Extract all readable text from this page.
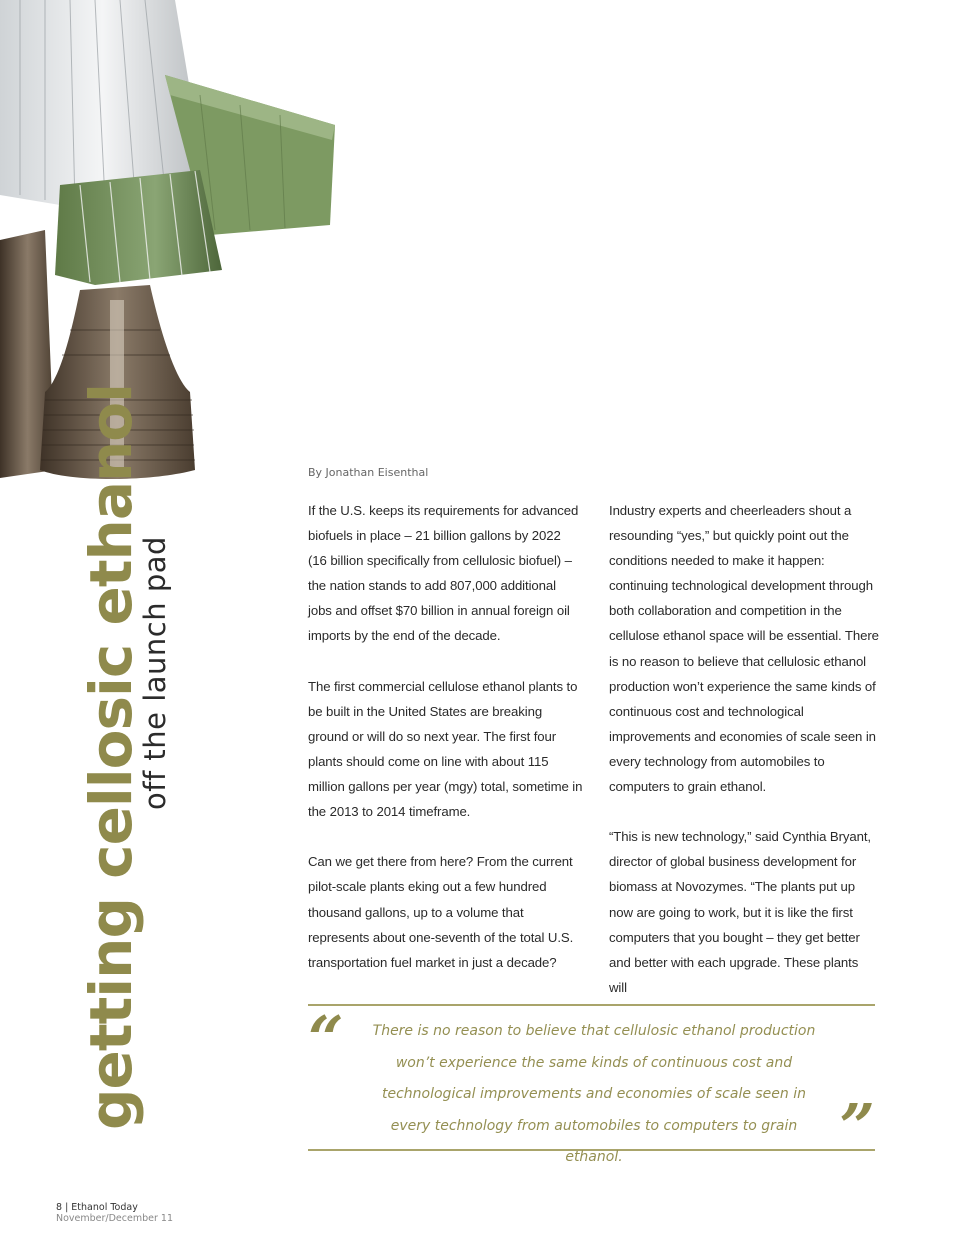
getting cellosic ethanol
off the launch pad
By Jonathan Eisenthal

If the U.S. keeps its requirements for advanced biofuels in place – 21 billion gallons by 2022 (16 billion specifically from cellulosic biofuel) – the nation stands to add 807,000 additional jobs and offset $70 billion in annual foreign oil imports by the end of the decade.

The first commercial cellulose ethanol plants to be built in the United States are breaking ground or will do so next year. The first four plants should come on line with about 115 million gallons per year (mgy) total, sometime in the 2013 to 2014 timeframe.

Can we get there from here? From the current pilot-scale plants eking out a few hundred thousand gallons, up to a volume that represents about one-seventh of the total U.S. transportation fuel market in just a decade?

Industry experts and cheerleaders shout a resounding “yes,” but quickly point out the conditions needed to make it happen: continuing technological development through both collaboration and competition in the cellulose ethanol space will be essential. There is no reason to believe that cellulosic ethanol production won’t experience the same kinds of continuous cost and technological improvements and economies of scale seen in every technology from automobiles to computers to grain ethanol.

“This is new technology,” said Cynthia Bryant, director of global business development for biomass at Novozymes. “The plants put up now are going to work, but it is like the first computers that you bought – they get better and better with each upgrade. These plants will

“	There is no reason to believe that cellulosic ethanol production won’t experience the same kinds of continuous cost and technological improvements and economies of scale seen in every technology from automobiles to computers to grain ethanol.	”
8 | Ethanol Today
November/December 11
